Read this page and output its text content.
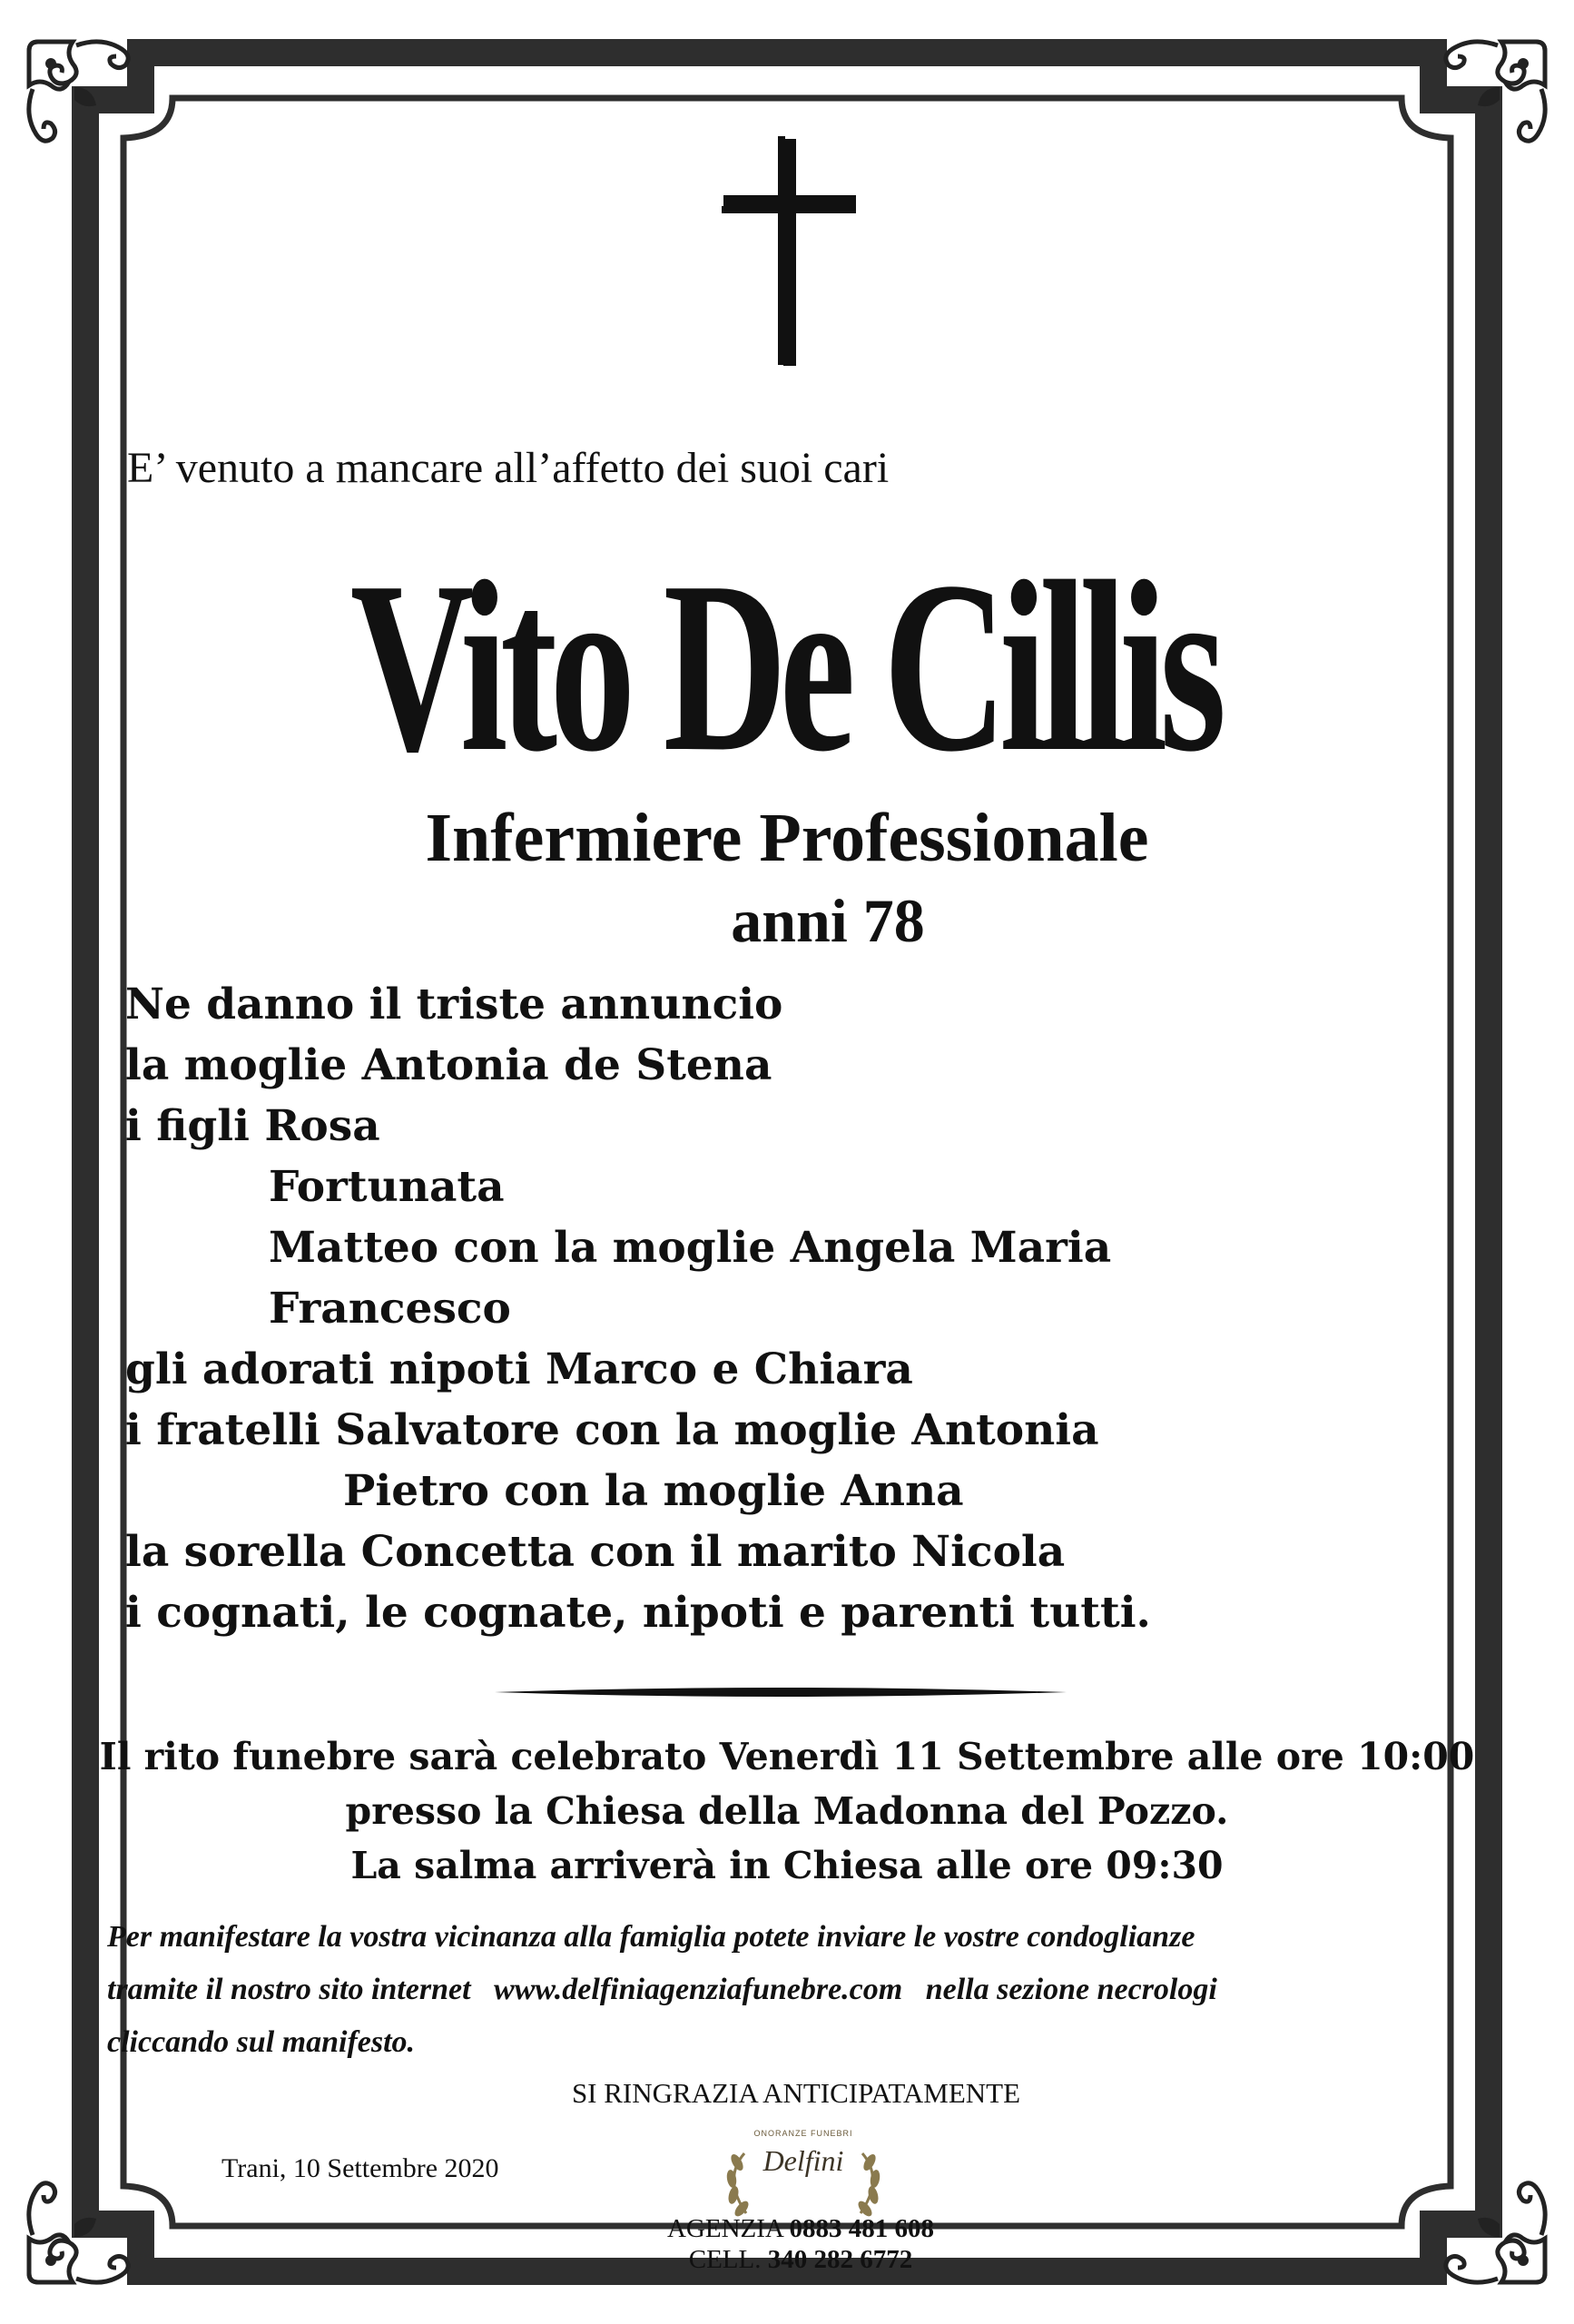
E’ venuto a mancare all’affetto dei suoi cari
Vito De Cillis
Infermiere Professionale
anni 78
Ne danno il triste annuncio
la moglie Antonia de Stena
i figli Rosa
Fortunata
Matteo con la moglie Angela Maria
Francesco
gli adorati nipoti Marco e Chiara
i fratelli Salvatore con la moglie Antonia
Pietro con la moglie Anna
la sorella Concetta con il marito Nicola
i cognati, le cognate, nipoti e parenti tutti.
Il rito funebre sarà celebrato Venerdì 11 Settembre alle ore 10:00
presso la Chiesa della Madonna del Pozzo.
La salma arriverà in Chiesa alle ore 09:30
Per manifestare la vostra vicinanza alla famiglia potete inviare le vostre condoglianze
tramite il nostro sito internet www.delfiniagenziafunebre.com nella sezione necrologi
cliccando sul manifesto.
SI RINGRAZIA ANTICIPATAMENTE
Trani, 10 Settembre 2020
ONORANZE FUNEBRI
Delfini
AGENZIA 0883 481 608
CELL. 340 282 6772
